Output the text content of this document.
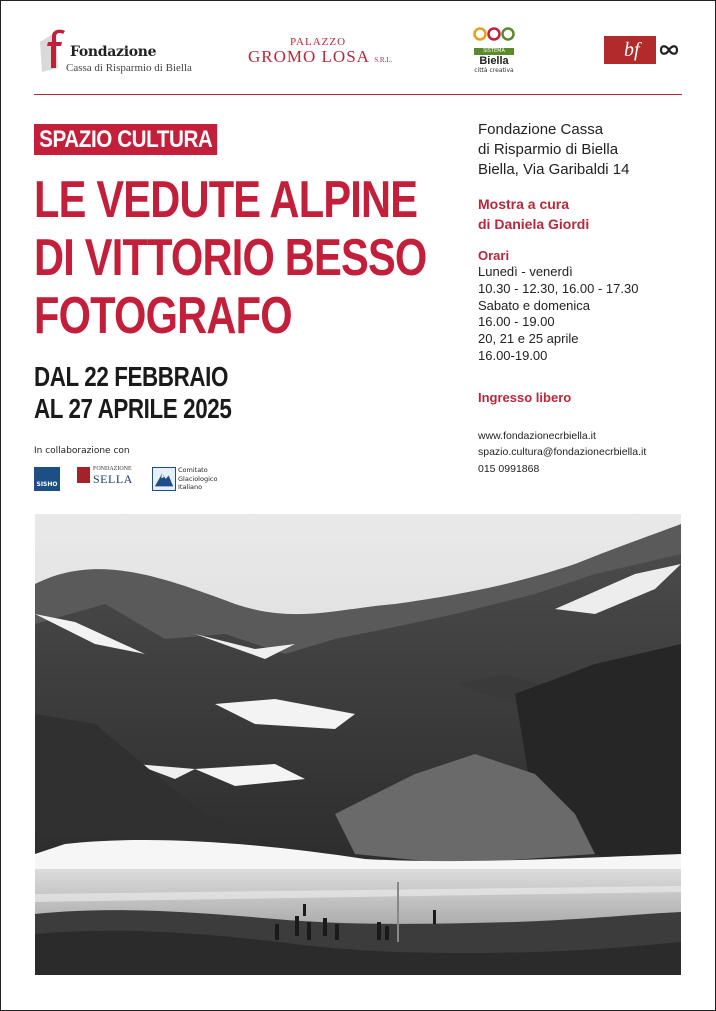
Fondazione
Cassa di Risparmio di Biella
PALAZZO
GROMO LOSA S.R.L.
SISTEMA
Biella
città creativa
bf
SPAZIO CULTURA
LE VEDUTE ALPINE
DI VITTORIO BESSO
FOTOGRAFO
DAL 22 FEBBRAIO
AL 27 APRILE 2025
In collaborazione con
SISHO
FONDAZIONE
SELLA
Comitato
Glaciologico
Italiano
Fondazione Cassa
di Risparmio di Biella
Biella, Via Garibaldi 14
Mostra a cura
di Daniela Giordi
Orari
Lunedì - venerdì
10.30 - 12.30, 16.00 - 17.30
Sabato e domenica
16.00 - 19.00
20, 21 e 25 aprile
16.00-19.00
Ingresso libero
www.fondazionecrbiella.it
spazio.cultura@fondazionecrbiella.it
015 0991868
